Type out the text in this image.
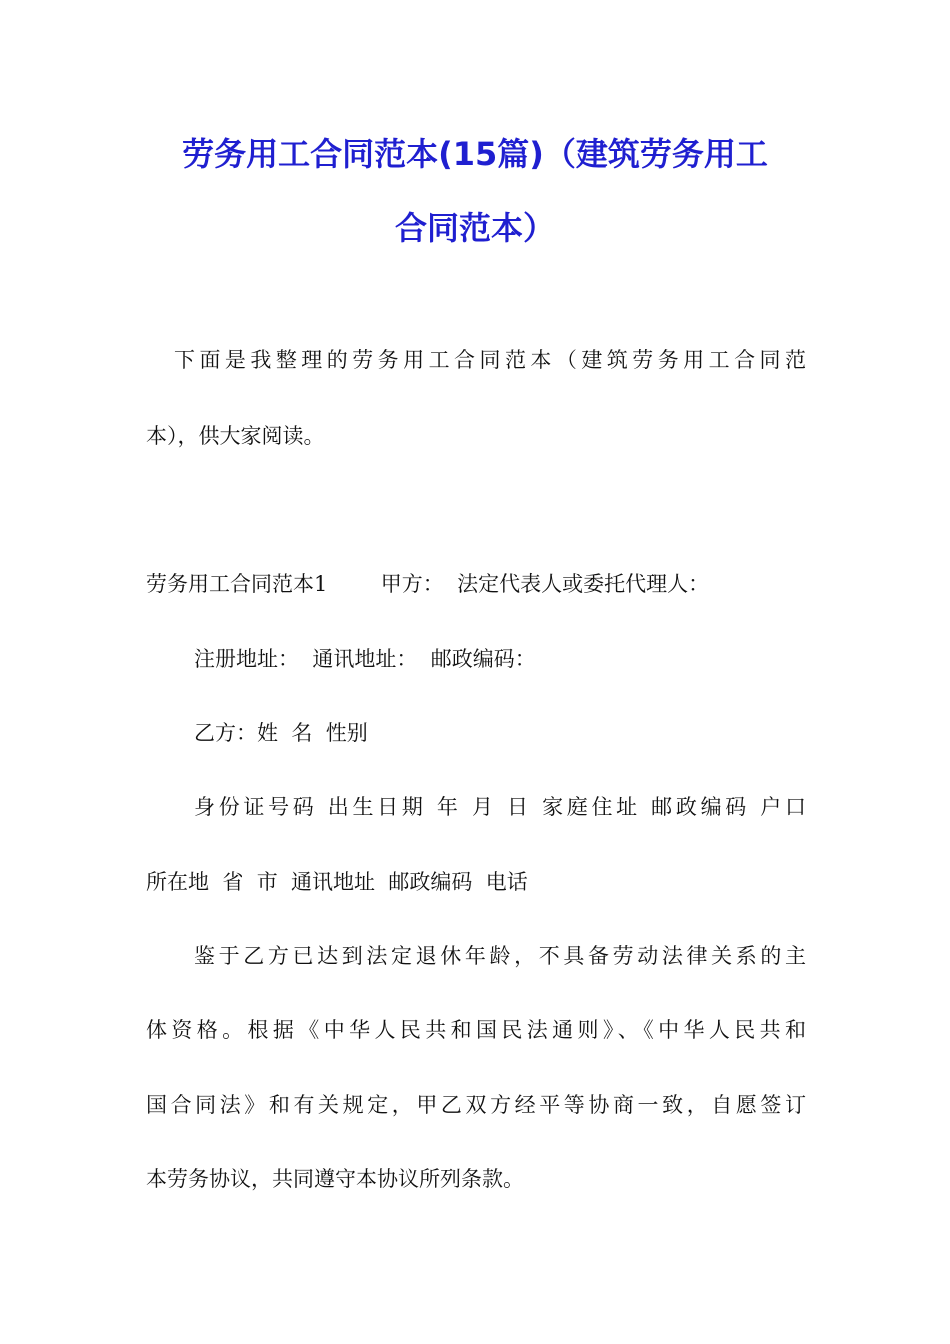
劳务用工合同范本(15篇)（建筑劳务用工
合同范本）

下面是我整理的劳务用工合同范本（建筑劳务用工合同范

本），供大家阅读。

劳务用工合同范本1        甲方：  法定代表人或委托代理人：

注册地址：  通讯地址：  邮政编码：

乙方：姓  名  性别

身份证号码 出生日期 年 月 日 家庭住址 邮政编码 户口

所在地  省  市  通讯地址  邮政编码  电话

鉴于乙方已达到法定退休年龄，不具备劳动法律关系的主

体资格。根据《中华人民共和国民法通则》、《中华人民共和

国合同法》和有关规定，甲乙双方经平等协商一致，自愿签订

本劳务协议，共同遵守本协议所列条款。
